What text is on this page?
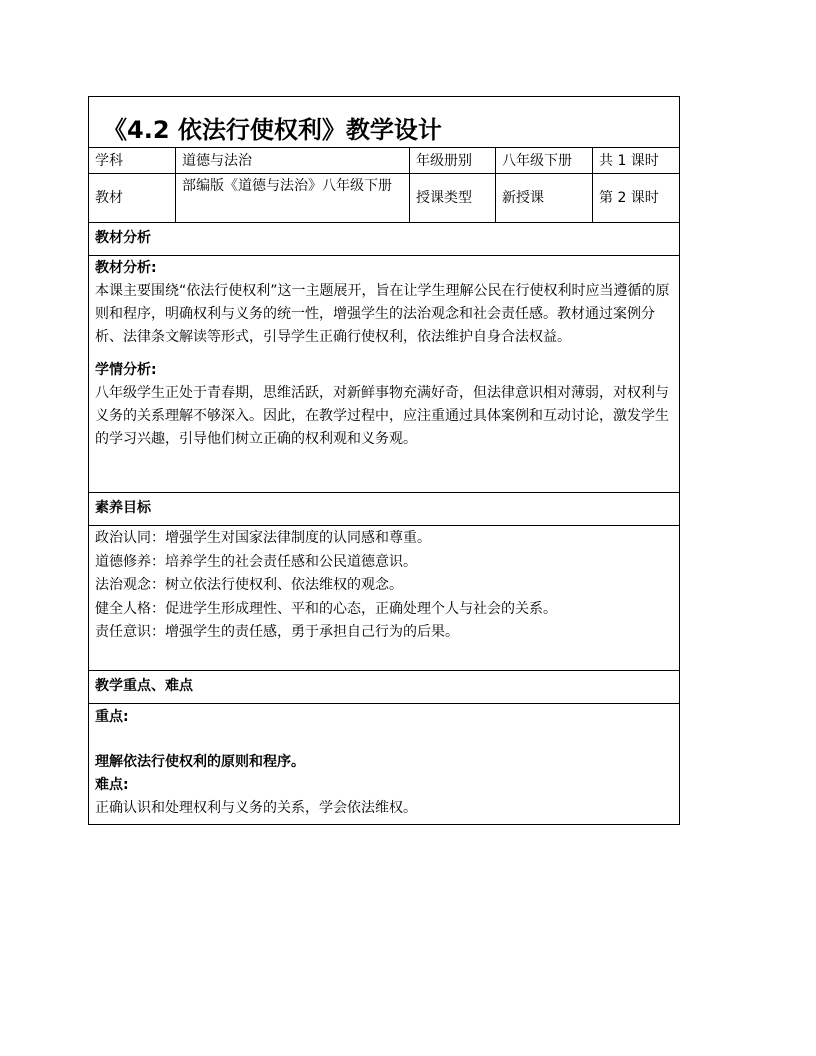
《4.2 依法行使权利》教学设计				

学科	道德与法治	年级册别	八年级下册	共 1 课时
教材	部编版《道德与法治》八年级下册	授课类型	新授课	第 2 课时

教材分析				

教材分析:

本课主要围绕“依法行使权利”这一主题展开，旨在让学生理解公民在行使权利时应当遵循的原则和程序，明确权利与义务的统一性，增强学生的法治观念和社会责任感。教材通过案例分析、法律条文解读等形式，引导学生正确行使权利，依法维护自身合法权益。

学情分析:

八年级学生正处于青春期，思维活跃，对新鲜事物充满好奇，但法律意识相对薄弱，对权利与义务的关系理解不够深入。因此，在教学过程中，应注重通过具体案例和互动讨论，激发学生的学习兴趣，引导他们树立正确的权利观和义务观。				

素养目标				

政治认同：增强学生对国家法律制度的认同感和尊重。

道德修养：培养学生的社会责任感和公民道德意识。

法治观念：树立依法行使权利、依法维权的观念。

健全人格：促进学生形成理性、平和的心态，正确处理个人与社会的关系。

责任意识：增强学生的责任感，勇于承担自己行为的后果。				

教学重点、难点				

重点:

理解依法行使权利的原则和程序。

难点:

正确认识和处理权利与义务的关系，学会依法维权。				
